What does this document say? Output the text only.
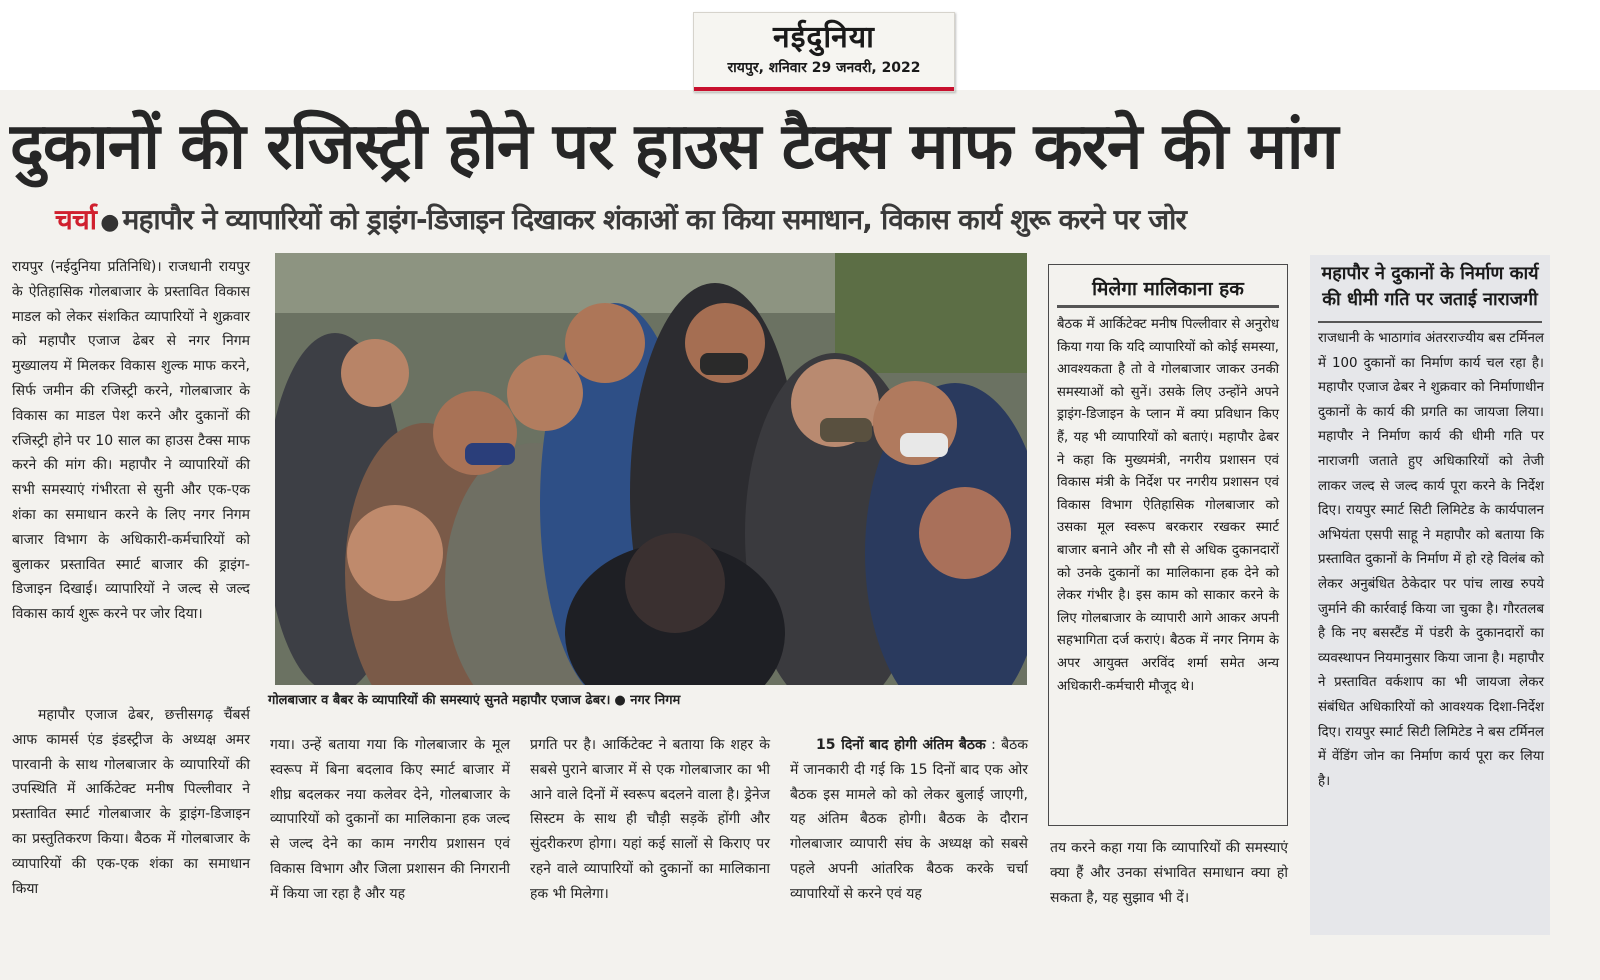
नईदुनिया
रायपुर, शनिवार 29 जनवरी, 2022
दुकानों की रजिस्ट्री होने पर हाउस टैक्स माफ करने की मांग
चर्चा ● महापौर ने व्यापारियों को ड्राइंग-डिजाइन दिखाकर शंकाओं का किया समाधान, विकास कार्य शुरू करने पर जोर

रायपुर (नईदुनिया प्रतिनिधि)। राजधानी रायपुर के ऐतिहासिक गोलबाजार के प्रस्तावित विकास माडल को लेकर संशकित व्यापारियों ने शुक्रवार को महापौर एजाज ढेबर से नगर निगम मुख्यालय में मिलकर विकास शुल्क माफ करने, सिर्फ जमीन की रजिस्ट्री करने, गोलबाजार के विकास का माडल पेश करने और दुकानों की रजिस्ट्री होने पर 10 साल का हाउस टैक्स माफ करने की मांग की। महापौर ने व्यापारियों की सभी समस्याएं गंभीरता से सुनी और एक-एक शंका का समाधान करने के लिए नगर निगम बाजार विभाग के अधिकारी-कर्मचारियों को बुलाकर प्रस्तावित स्मार्ट बाजार की ड्राइंग-डिजाइन दिखाई। व्यापारियों ने जल्द से जल्द विकास कार्य शुरू करने पर जोर दिया।

महापौर एजाज ढेबर, छत्तीसगढ़ चैंबर्स आफ कामर्स एंड इंडस्ट्रीज के अध्यक्ष अमर पारवानी के साथ गोलबाजार के व्यापारियों की उपस्थिति में आर्किटेक्ट मनीष पिल्लीवार ने प्रस्तावित स्मार्ट गोलबाजार के ड्राइंग-डिजाइन का प्रस्तुतिकरण किया। बैठक में गोलबाजार के व्यापारियों की एक-एक शंका का समाधान किया

गोलबाजार व बैबर के व्यापारियों की समस्याएं सुनते महापौर एजाज ढेबर। ● नगर निगम

गया। उन्हें बताया गया कि गोलबाजार के मूल स्वरूप में बिना बदलाव किए स्मार्ट बाजार में शीघ्र बदलकर नया कलेवर देने, गोलबाजार के व्यापारियों को दुकानों का मालिकाना हक जल्द से जल्द देने का काम नगरीय प्रशासन एवं विकास विभाग और जिला प्रशासन की निगरानी में किया जा रहा है और यह

प्रगति पर है। आर्किटेक्ट ने बताया कि शहर के सबसे पुराने बाजार में से एक गोलबाजार का भी आने वाले दिनों में स्वरूप बदलने वाला है। ड्रेनेज सिस्टम के साथ ही चौड़ी सड़कें होंगी और सुंदरीकरण होगा। यहां कई सालों से किराए पर रहने वाले व्यापारियों को दुकानों का मालिकाना हक भी मिलेगा।

15 दिनों बाद होगी अंतिम बैठक : बैठक में जानकारी दी गई कि 15 दिनों बाद एक ओर बैठक इस मामले को को लेकर बुलाई जाएगी, यह अंतिम बैठक होगी। बैठक के दौरान गोलबाजार व्यापारी संघ के अध्यक्ष को सबसे पहले अपनी आंतरिक बैठक करके चर्चा व्यापारियों से करने एवं यह

मिलेगा मालिकाना हक
बैठक में आर्किटेक्ट मनीष पिल्लीवार से अनुरोध किया गया कि यदि व्यापारियों को कोई समस्या, आवश्यकता है तो वे गोलबाजार जाकर उनकी समस्याओं को सुनें। उसके लिए उन्होंने अपने ड्राइंग-डिजाइन के प्लान में क्या प्रविधान किए हैं, यह भी व्यापारियों को बताएं। महापौर ढेबर ने कहा कि मुख्यमंत्री, नगरीय प्रशासन एवं विकास मंत्री के निर्देश पर नगरीय प्रशासन एवं विकास विभाग ऐतिहासिक गोलबाजार को उसका मूल स्वरूप बरकरार रखकर स्मार्ट बाजार बनाने और नौ सौ से अधिक दुकानदारों को उनके दुकानों का मालिकाना हक देने को लेकर गंभीर है। इस काम को साकार करने के लिए गोलबाजार के व्यापारी आगे आकर अपनी सहभागिता दर्ज कराएं। बैठक में नगर निगम के अपर आयुक्त अरविंद शर्मा समेत अन्य अधिकारी-कर्मचारी मौजूद थे।

तय करने कहा गया कि व्यापारियों की समस्याएं क्या हैं और उनका संभावित समाधान क्या हो सकता है, यह सुझाव भी दें।

महापौर ने दुकानों के निर्माण कार्य की धीमी गति पर जताई नाराजगी
राजधानी के भाठागांव अंतरराज्यीय बस टर्मिनल में 100 दुकानों का निर्माण कार्य चल रहा है। महापौर एजाज ढेबर ने शुक्रवार को निर्माणाधीन दुकानों के कार्य की प्रगति का जायजा लिया। महापौर ने निर्माण कार्य की धीमी गति पर नाराजगी जताते हुए अधिकारियों को तेजी लाकर जल्द से जल्द कार्य पूरा करने के निर्देश दिए। रायपुर स्मार्ट सिटी लिमिटेड के कार्यपालन अभियंता एसपी साहू ने महापौर को बताया कि प्रस्तावित दुकानों के निर्माण में हो रहे विलंब को लेकर अनुबंधित ठेकेदार पर पांच लाख रुपये जुर्माने की कार्रवाई किया जा चुका है। गौरतलब है कि नए बसस्टैंड में पंडरी के दुकानदारों का व्यवस्थापन नियमानुसार किया जाना है। महापौर ने प्रस्तावित वर्कशाप का भी जायजा लेकर संबंधित अधिकारियों को आवश्यक दिशा-निर्देश दिए। रायपुर स्मार्ट सिटी लिमिटेड ने बस टर्मिनल में वेंडिंग जोन का निर्माण कार्य पूरा कर लिया है।
